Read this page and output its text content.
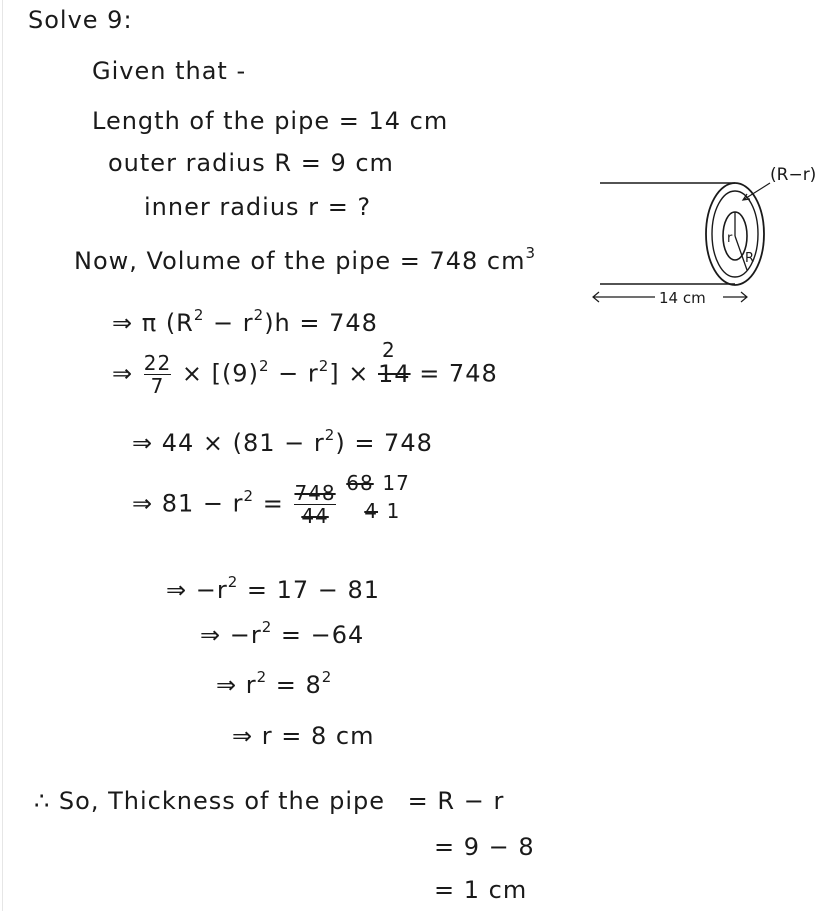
Solve 9:
Given that -
Length of the pipe = 14 cm
outer radius R = 9 cm
inner radius r = ?
Now, Volume of the pipe = 748 $cm^3$
⇒ π $(R^2 - r^2)h = 748$
⇒ $\frac{22}{7} \times [(9)^2 - r^2]$ ×
2
14 = 748
⇒ $44 \times (81 - r^2) = 748$
⇒ $81 - r^2 = \frac{748}{44} 68$ 17
4 1
⇒ $-r^2 = 17 - 81$
⇒ $-r^2 = -64$
⇒ $r^2 = 8^2$
⇒ r = 8 cm
∴ So, Thickness of the pipe = R − r
= 9 − 8
= 1 cm
r
R
(R−r)
14 cm
